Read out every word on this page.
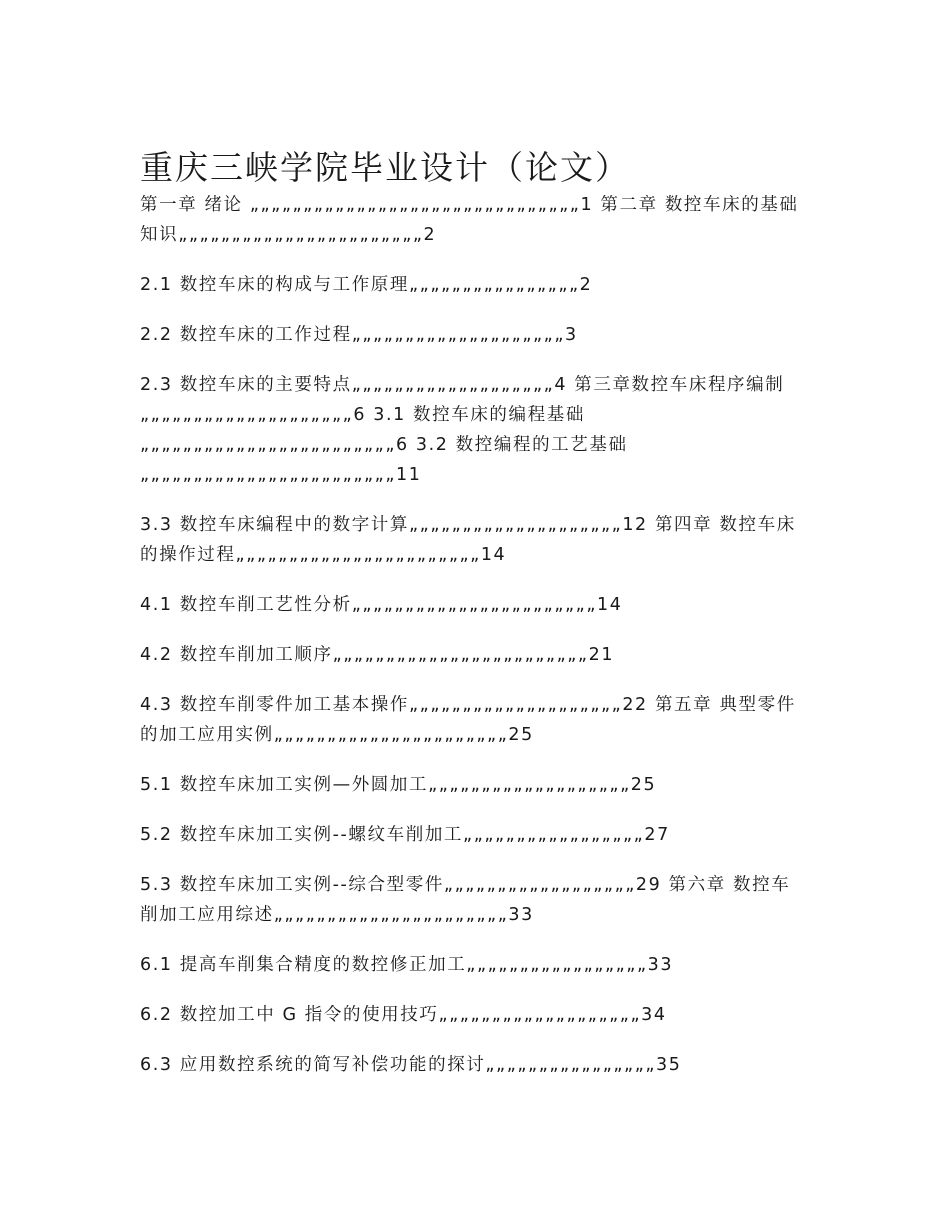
重庆三峡学院毕业设计（论文）

第一章 绪论 „„„„„„„„„„„„„„„„„„„„„„„„„„„„„„„1 第二章 数控车床的基础知识„„„„„„„„„„„„„„„„„„„„„„„2

2.1 数控车床的构成与工作原理„„„„„„„„„„„„„„„„2

2.2 数控车床的工作过程„„„„„„„„„„„„„„„„„„„„3

2.3 数控车床的主要特点„„„„„„„„„„„„„„„„„„„4 第三章数控车床程序编制„„„„„„„„„„„„„„„„„„„„6 3.1 数控车床的编程基础 „„„„„„„„„„„„„„„„„„„„„„„„6 3.2 数控编程的工艺基础„„„„„„„„„„„„„„„„„„„„„„„„11

3.3 数控车床编程中的数字计算„„„„„„„„„„„„„„„„„„„„12 第四章 数控车床的操作过程„„„„„„„„„„„„„„„„„„„„„„„14

4.1 数控车削工艺性分析„„„„„„„„„„„„„„„„„„„„„„„14

4.2 数控车削加工顺序„„„„„„„„„„„„„„„„„„„„„„„„21

4.3 数控车削零件加工基本操作„„„„„„„„„„„„„„„„„„„„22 第五章 典型零件的加工应用实例„„„„„„„„„„„„„„„„„„„„„„25

5.1 数控车床加工实例—外圆加工„„„„„„„„„„„„„„„„„„„25

5.2 数控车床加工实例--螺纹车削加工„„„„„„„„„„„„„„„„„27

5.3 数控车床加工实例--综合型零件„„„„„„„„„„„„„„„„„„29 第六章 数控车削加工应用综述„„„„„„„„„„„„„„„„„„„„„„33

6.1 提高车削集合精度的数控修正加工„„„„„„„„„„„„„„„„„33

6.2 数控加工中 G 指令的使用技巧„„„„„„„„„„„„„„„„„„„34

6.3 应用数控系统的简写补偿功能的探讨„„„„„„„„„„„„„„„„35
